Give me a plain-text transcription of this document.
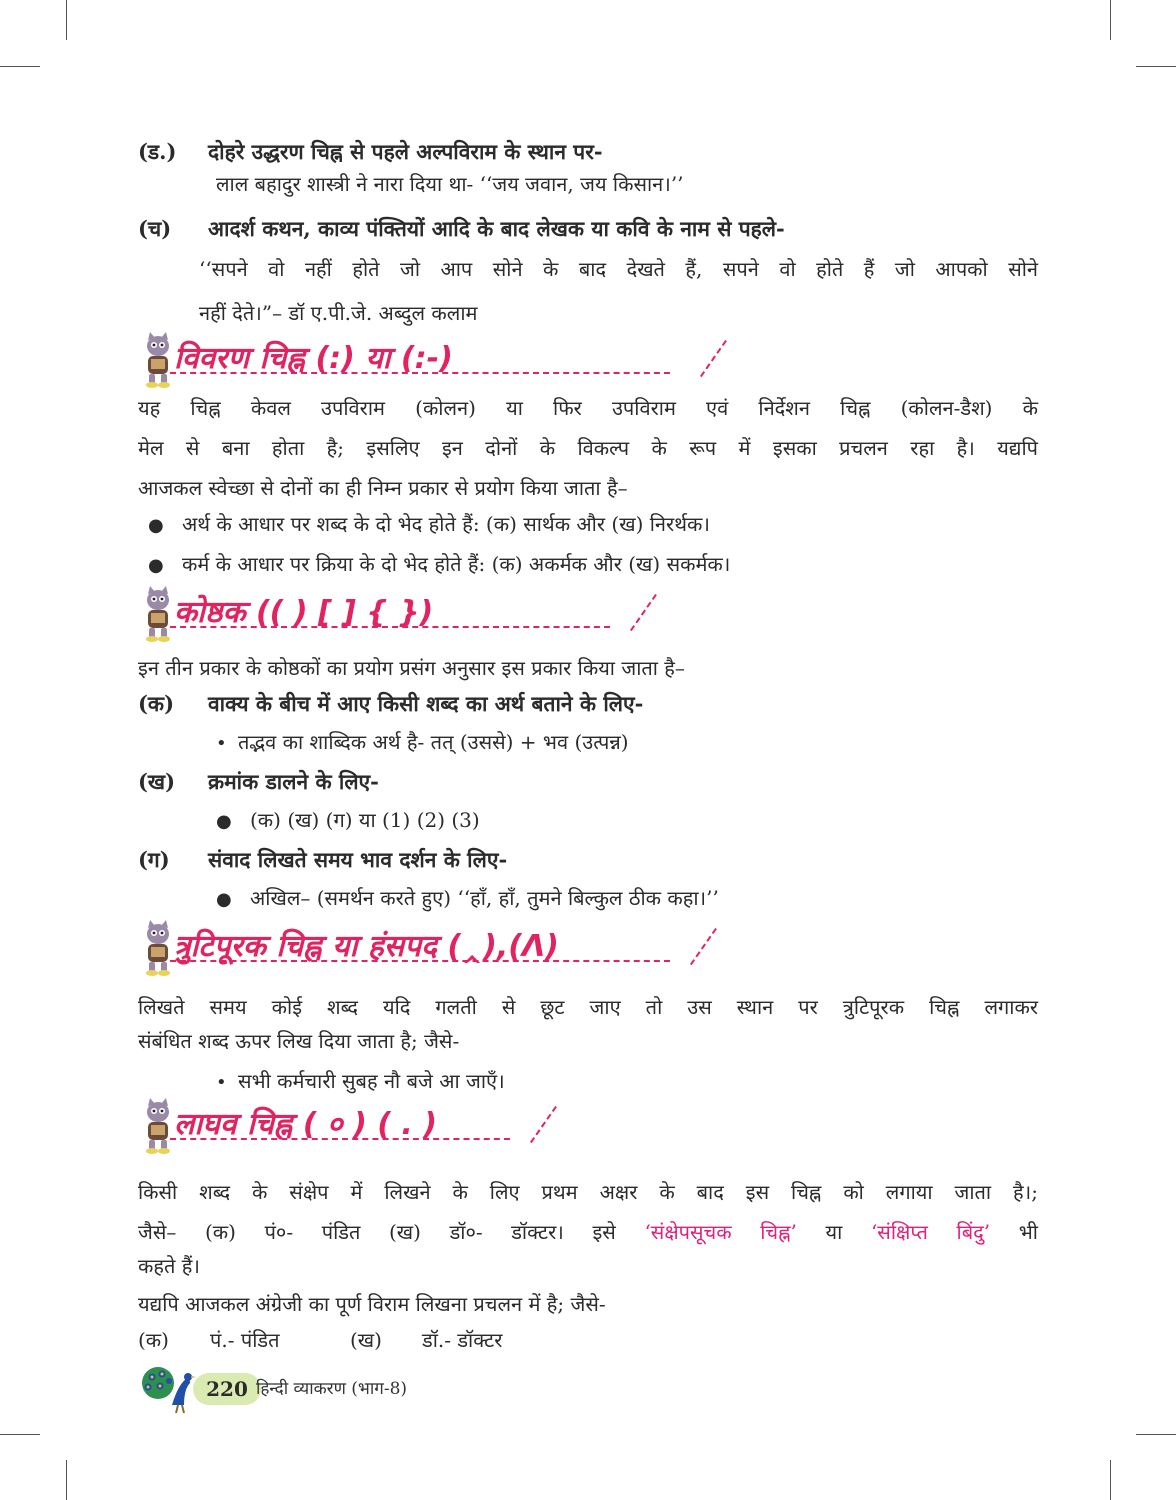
(ड.) दोहरे उद्धरण चिह्न से पहले अल्पविराम के स्थान पर-
लाल बहादुर शास्त्री ने नारा दिया था- ‘‘जय जवान, जय किसान।’’
(च) आदर्श कथन, काव्य पंक्तियों आदि के बाद लेखक या कवि के नाम से पहले-
‘‘सपने वो नहीं होते जो आप सोने के बाद देखते हैं, सपने वो होते हैं जो आपको सोने
नहीं देते।”– डॉ ए.पी.जे. अब्दुल कलाम
विवरण चिह्न (:) या (:-)
यह चिह्न केवल उपविराम (कोलन) या फिर उपविराम एवं निर्देशन चिह्न (कोलन-डैश) के
मेल से बना होता है; इसलिए इन दोनों के विकल्प के रूप में इसका प्रचलन रहा है। यद्यपि
आजकल स्वेच्छा से दोनों का ही निम्न प्रकार से प्रयोग किया जाता है–
● अर्थ के आधार पर शब्द के दो भेद होते हैं: (क) सार्थक और (ख) निरर्थक।
● कर्म के आधार पर क्रिया के दो भेद होते हैं: (क) अकर्मक और (ख) सकर्मक।
कोष्ठक (( ) [ ] { })
इन तीन प्रकार के कोष्ठकों का प्रयोग प्रसंग अनुसार इस प्रकार किया जाता है–
(क) वाक्य के बीच में आए किसी शब्द का अर्थ बताने के लिए-
• तद्भव का शाब्दिक अर्थ है- तत् (उससे) + भव (उत्पन्न)
(ख) क्रमांक डालने के लिए-
● (क) (ख) (ग) या (1) (2) (3)
(ग) संवाद लिखते समय भाव दर्शन के लिए-
● अखिल– (समर्थन करते हुए) ‘‘हाँ, हाँ, तुमने बिल्कुल ठीक कहा।’’
त्रुटिपूरक चिह्न या हंसपद (‸),(ᐱ)
लिखते समय कोई शब्द यदि गलती से छूट जाए तो उस स्थान पर त्रुटिपूरक चिह्न लगाकर
संबंधित शब्द ऊपर लिख दिया जाता है; जैसे-
• सभी कर्मचारी सुबह नौ बजे आ जाएँ।
लाघव चिह्न ( ० ) ( . )
किसी शब्द के संक्षेप में लिखने के लिए प्रथम अक्षर के बाद इस चिह्न को लगाया जाता है।;
जैसे– (क) पं०- पंडित (ख) डॉ०- डॉक्टर। इसे ‘संक्षेपसूचक चिह्न’ या ‘संक्षिप्त बिंदु’ भी
कहते हैं।
यद्यपि आजकल अंग्रेजी का पूर्ण विराम लिखना प्रचलन में है; जैसे-
(क) पं.- पंडित	(ख) डॉ.- डॉक्टर
220 हिन्दी व्याकरण (भाग-8)
